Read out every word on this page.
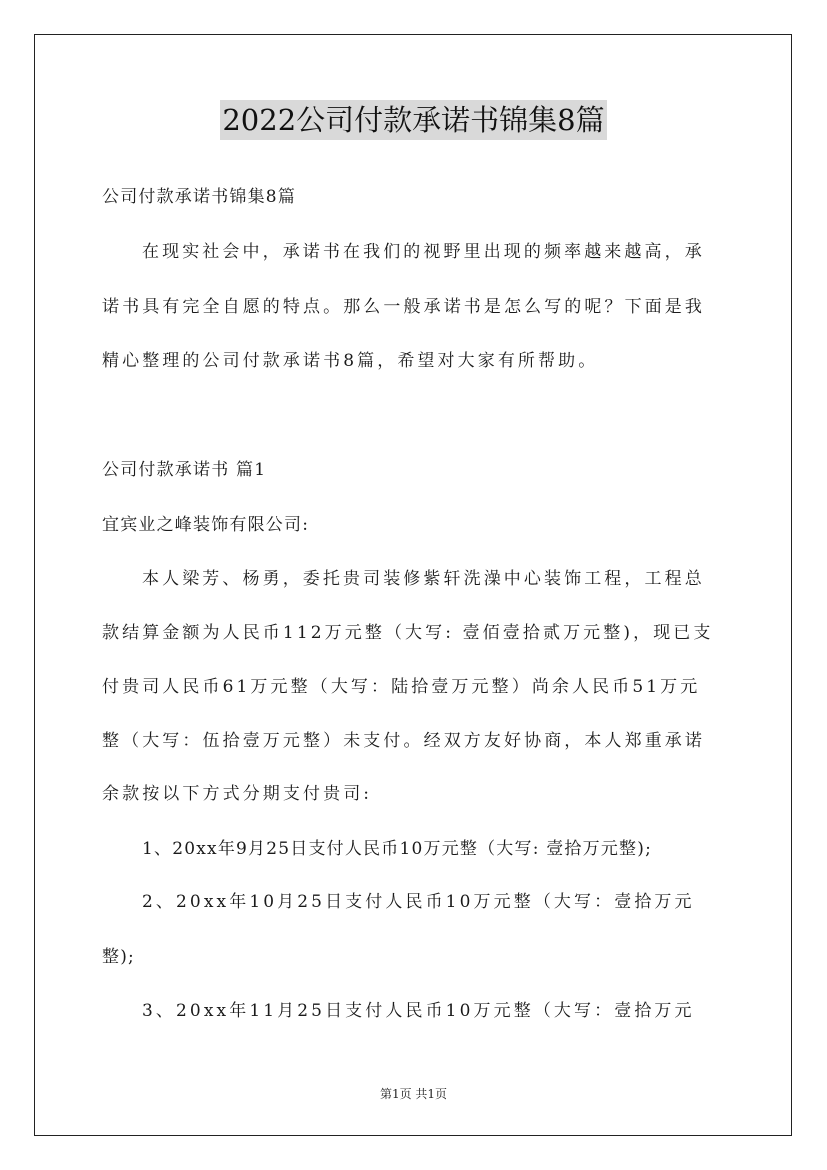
2022公司付款承诺书锦集8篇
公司付款承诺书锦集8篇
在现实社会中，承诺书在我们的视野里出现的频率越来越高，承
诺书具有完全自愿的特点。那么一般承诺书是怎么写的呢？下面是我
精心整理的公司付款承诺书8篇，希望对大家有所帮助。
公司付款承诺书 篇1
宜宾业之峰装饰有限公司:
本人梁芳、杨勇，委托贵司装修紫轩洗澡中心装饰工程，工程总
款结算金额为人民币112万元整（大写: 壹佰壹拾贰万元整)，现已支
付贵司人民币61万元整（大写：陆拾壹万元整）尚余人民币51万元
整（大写：伍拾壹万元整）未支付。经双方友好协商，本人郑重承诺
余款按以下方式分期支付贵司:
1、20xx年9月25日支付人民币10万元整（大写: 壹拾万元整);
2、20xx年10月25日支付人民币10万元整（大写：壹拾万元
整);
3、20xx年11月25日支付人民币10万元整（大写：壹拾万元
第1页 共1页
